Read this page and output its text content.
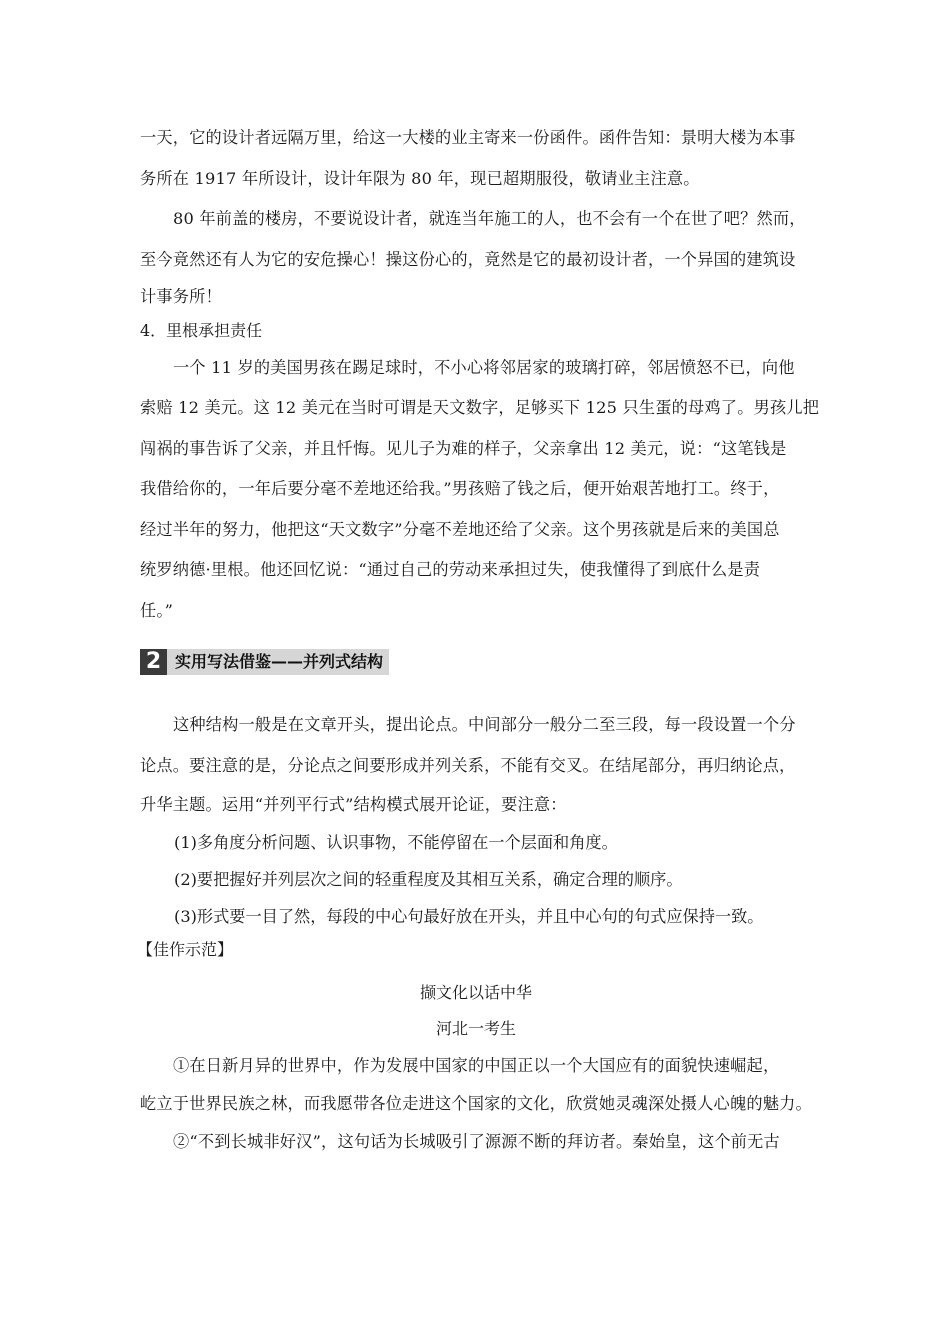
一天，它的设计者远隔万里，给这一大楼的业主寄来一份函件。函件告知：景明大楼为本事

务所在 1917 年所设计，设计年限为 80 年，现已超期服役，敬请业主注意。

80 年前盖的楼房，不要说设计者，就连当年施工的人，也不会有一个在世了吧？然而，

至今竟然还有人为它的安危操心！操这份心的，竟然是它的最初设计者，一个异国的建筑设

计事务所！

4．里根承担责任

一个 11 岁的美国男孩在踢足球时，不小心将邻居家的玻璃打碎，邻居愤怒不已，向他

索赔 12 美元。这 12 美元在当时可谓是天文数字，足够买下 125 只生蛋的母鸡了。男孩儿把

闯祸的事告诉了父亲，并且忏悔。见儿子为难的样子，父亲拿出 12 美元，说：“这笔钱是

我借给你的，一年后要分毫不差地还给我。”男孩赔了钱之后，便开始艰苦地打工。终于，

经过半年的努力，他把这“天文数字”分毫不差地还给了父亲。这个男孩就是后来的美国总

统罗纳德·里根。他还回忆说：“通过自己的劳动来承担过失，使我懂得了到底什么是责

任。”

2 实用写法借鉴——并列式结构

这种结构一般是在文章开头，提出论点。中间部分一般分二至三段，每一段设置一个分

论点。要注意的是，分论点之间要形成并列关系，不能有交叉。在结尾部分，再归纳论点，

升华主题。运用“并列平行式”结构模式展开论证，要注意：

(1)多角度分析问题、认识事物，不能停留在一个层面和角度。

(2)要把握好并列层次之间的轻重程度及其相互关系，确定合理的顺序。

(3)形式要一目了然，每段的中心句最好放在开头，并且中心句的句式应保持一致。

【佳作示范】

撷文化以话中华

河北一考生

①在日新月异的世界中，作为发展中国家的中国正以一个大国应有的面貌快速崛起，

屹立于世界民族之林，而我愿带各位走进这个国家的文化，欣赏她灵魂深处摄人心魄的魅力。

②“不到长城非好汉”，这句话为长城吸引了源源不断的拜访者。秦始皇，这个前无古
